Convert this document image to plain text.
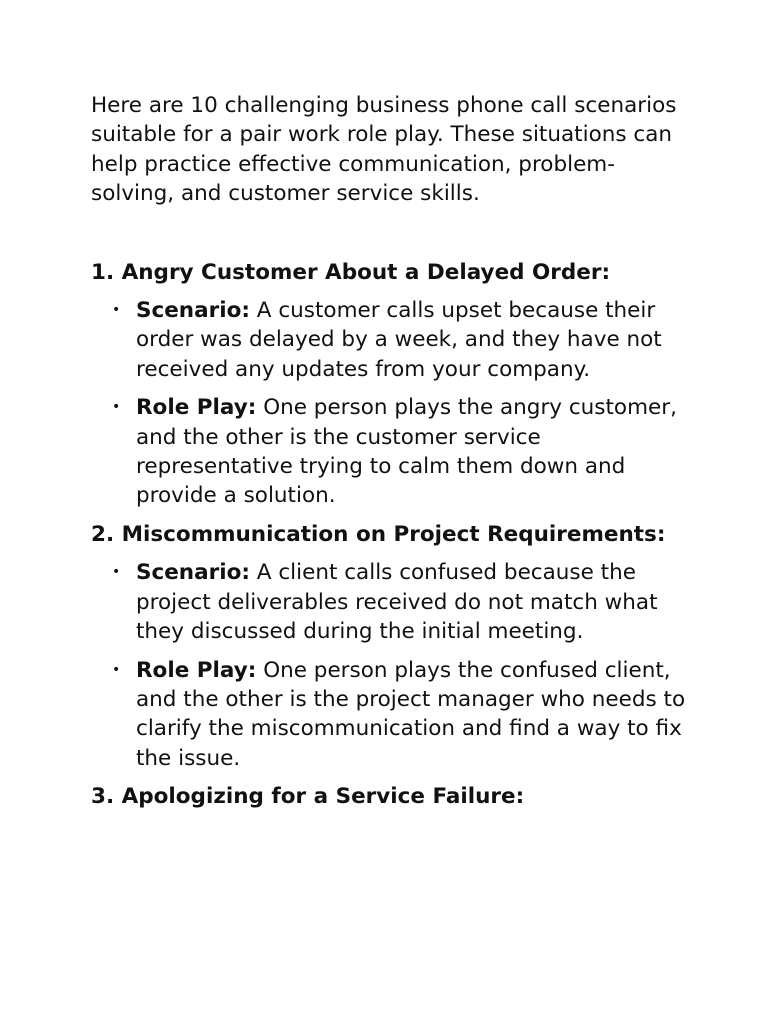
Here are 10 challenging business phone call scenarios suitable for a pair work role play. These situations can help practice effective communication, problem-solving, and customer service skills.

1. Angry Customer About a Delayed Order:
• Scenario: A customer calls upset because their order was delayed by a week, and they have not received any updates from your company.
• Role Play: One person plays the angry customer, and the other is the customer service representative trying to calm them down and provide a solution.
2. Miscommunication on Project Requirements:
• Scenario: A client calls confused because the project deliverables received do not match what they discussed during the initial meeting.
• Role Play: One person plays the confused client, and the other is the project manager who needs to clarify the miscommunication and find a way to fix the issue.
3. Apologizing for a Service Failure:
